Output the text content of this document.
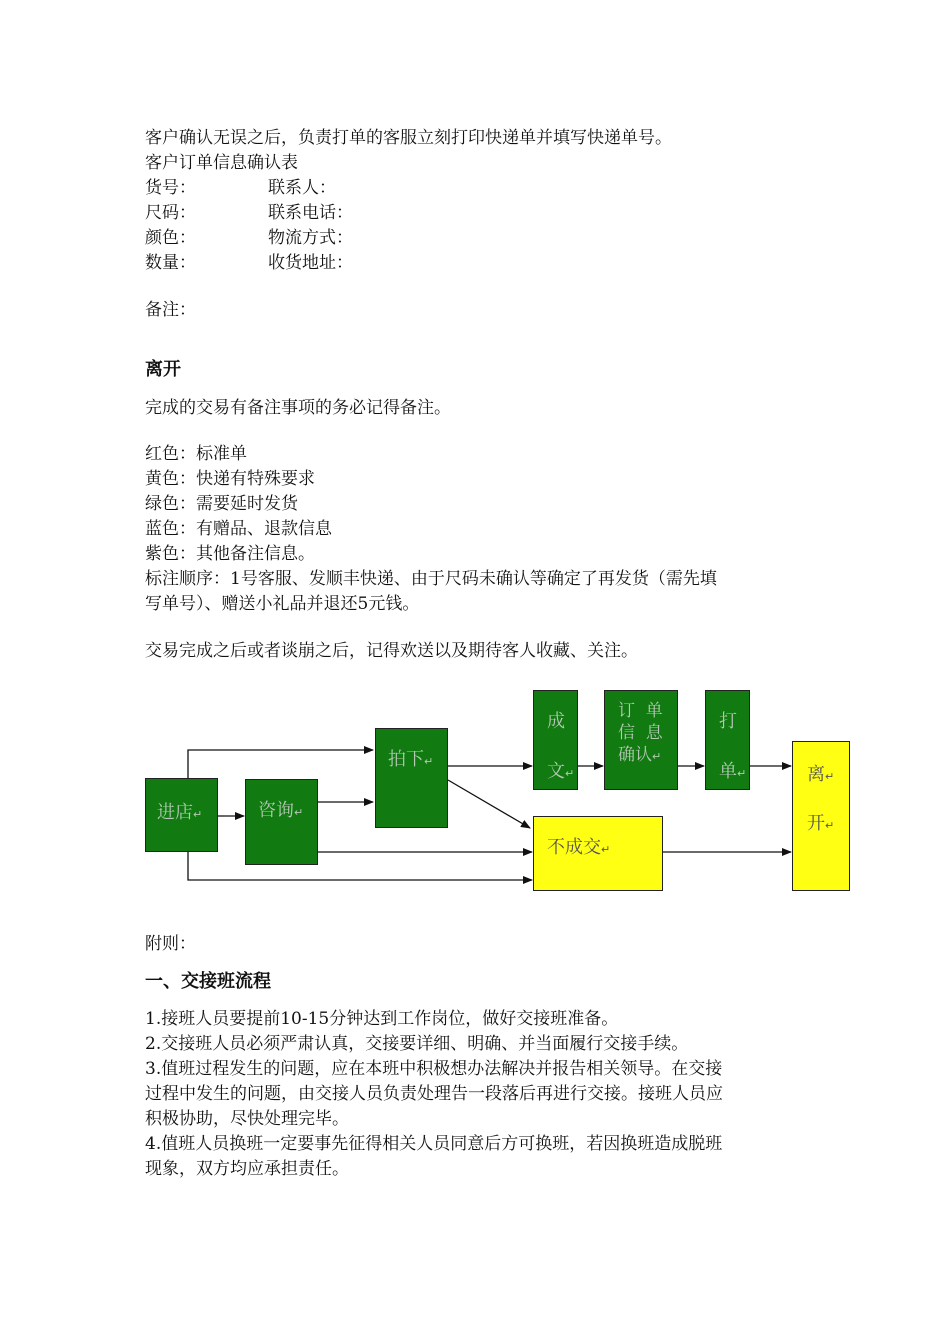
客户确认无误之后，负责打单的客服立刻打印快递单并填写快递单号。
客户订单信息确认表
货号：
尺码：
颜色：
数量：
联系人：
联系电话：
物流方式：
收货地址：
备注：
离开
完成的交易有备注事项的务必记得备注。
红色：标准单
黄色：快递有特殊要求
绿色：需要延时发货
蓝色：有赠品、退款信息
紫色：其他备注信息。
标注顺序：1号客服、发顺丰快递、由于尺码未确认等确定了再发货（需先填
写单号）、赠送小礼品并退还5元钱。
交易完成之后或者谈崩之后，记得欢送以及期待客人收藏、关注。
进店↵	咨询↵
拍下↵
成
文↵
订  单
信  息
确认↵
打
单↵	离↵
开↵
不成交↵
附则：
一、交接班流程
1.接班人员要提前10-15分钟达到工作岗位，做好交接班准备。
2.交接班人员必须严肃认真，交接要详细、明确、并当面履行交接手续。
3.值班过程发生的问题，应在本班中积极想办法解决并报告相关领导。在交接
过程中发生的问题，由交接人员负责处理告一段落后再进行交接。接班人员应
积极协助，尽快处理完毕。
4.值班人员换班一定要事先征得相关人员同意后方可换班，若因换班造成脱班
现象，双方均应承担责任。
